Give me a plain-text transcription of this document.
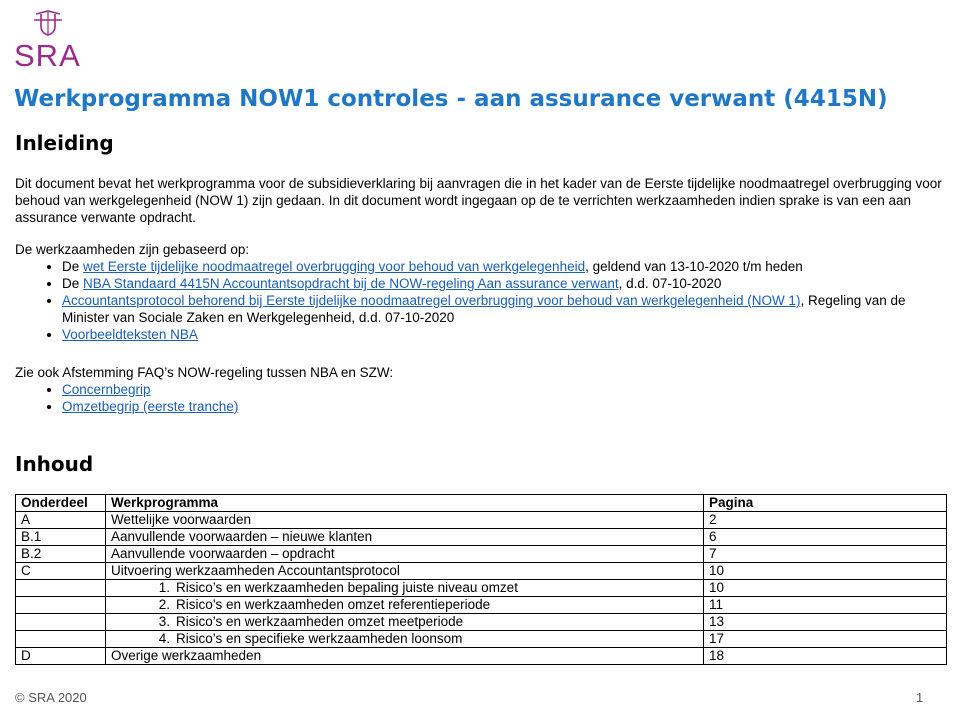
SRA
Werkprogramma NOW1 controles - aan assurance verwant (4415N)
Inleiding
Dit document bevat het werkprogramma voor de subsidieverklaring bij aanvragen die in het kader van de Eerste tijdelijke noodmaatregel overbrugging voor behoud van werkgelegenheid (NOW 1) zijn gedaan. In dit document wordt ingegaan op de te verrichten werkzaamheden indien sprake is van een aan assurance verwante opdracht.
De werkzaamheden zijn gebaseerd op:
• De wet Eerste tijdelijke noodmaatregel overbrugging voor behoud van werkgelegenheid, geldend van 13-10-2020 t/m heden
• De NBA Standaard 4415N Accountantsopdracht bij de NOW-regeling Aan assurance verwant, d.d. 07-10-2020
• Accountantsprotocol behorend bij Eerste tijdelijke noodmaatregel overbrugging voor behoud van werkgelegenheid (NOW 1), Regeling van de Minister van Sociale Zaken en Werkgelegenheid, d.d. 07-10-2020
• Voorbeeldteksten NBA
Zie ook Afstemming FAQ’s NOW-regeling tussen NBA en SZW:
• Concernbegrip
• Omzetbegrip (eerste tranche)
Inhoud
Onderdeel	Werkprogramma	Pagina
A	Wettelijke voorwaarden	2
B.1	Aanvullende voorwaarden – nieuwe klanten	6
B.2	Aanvullende voorwaarden – opdracht	7
C	Uitvoering werkzaamheden Accountantsprotocol	10
	1. Risico’s en werkzaamheden bepaling juiste niveau omzet	10
	2. Risico’s en werkzaamheden omzet referentieperiode	11
	3. Risico’s en werkzaamheden omzet meetperiode	13
	4. Risico’s en specifieke werkzaamheden loonsom	17
D	Overige werkzaamheden	18
© SRA 2020	1
